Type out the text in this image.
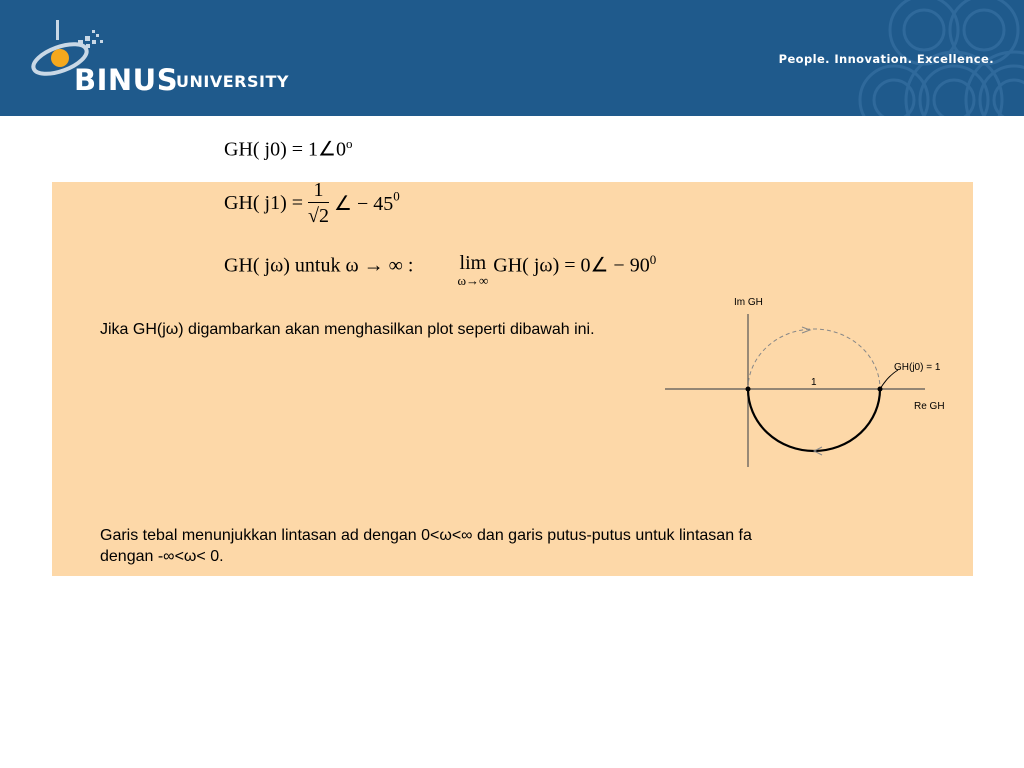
BINUS
UNIVERSITY
People. Innovation. Excellence.
GH( $j0) = 1\angle 0^o$
GH( $j1) = \frac{1}{√2}$ ∠ − $45^0$
GH( jω) untuk ω → ∞ : lim
ω→∞
GH( jω) = 0∠ − $90^0$
Jika GH(jω) digambarkan akan menghasilkan plot seperti dibawah ini.
Im GH
Re GH
GH(j0) = 1
1
Garis tebal menunjukkan lintasan ad dengan 0<ω<∞ dan garis putus-putus untuk lintasan fa
dengan -∞<ω< 0.
